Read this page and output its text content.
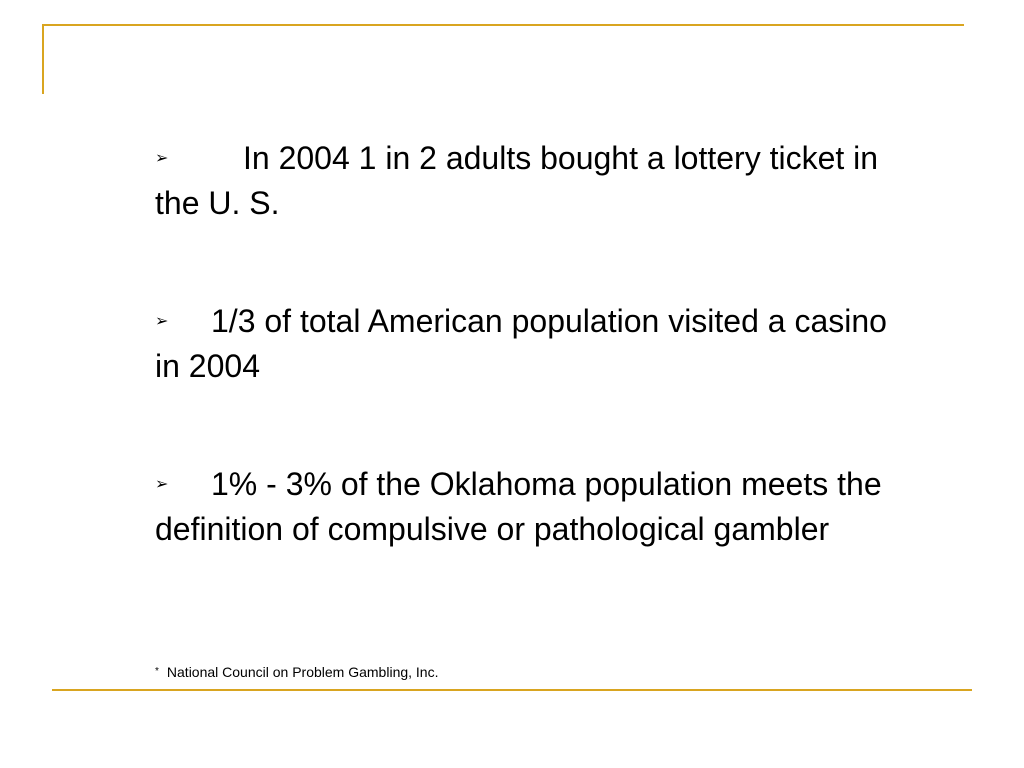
➢ In 2004 1 in 2 adults bought a lottery ticket in the U. S.

➢ 1/3 of total American population visited a casino in 2004

➢ 1% - 3% of the Oklahoma population meets the definition of compulsive or pathological gambler

* National Council on Problem Gambling, Inc.
